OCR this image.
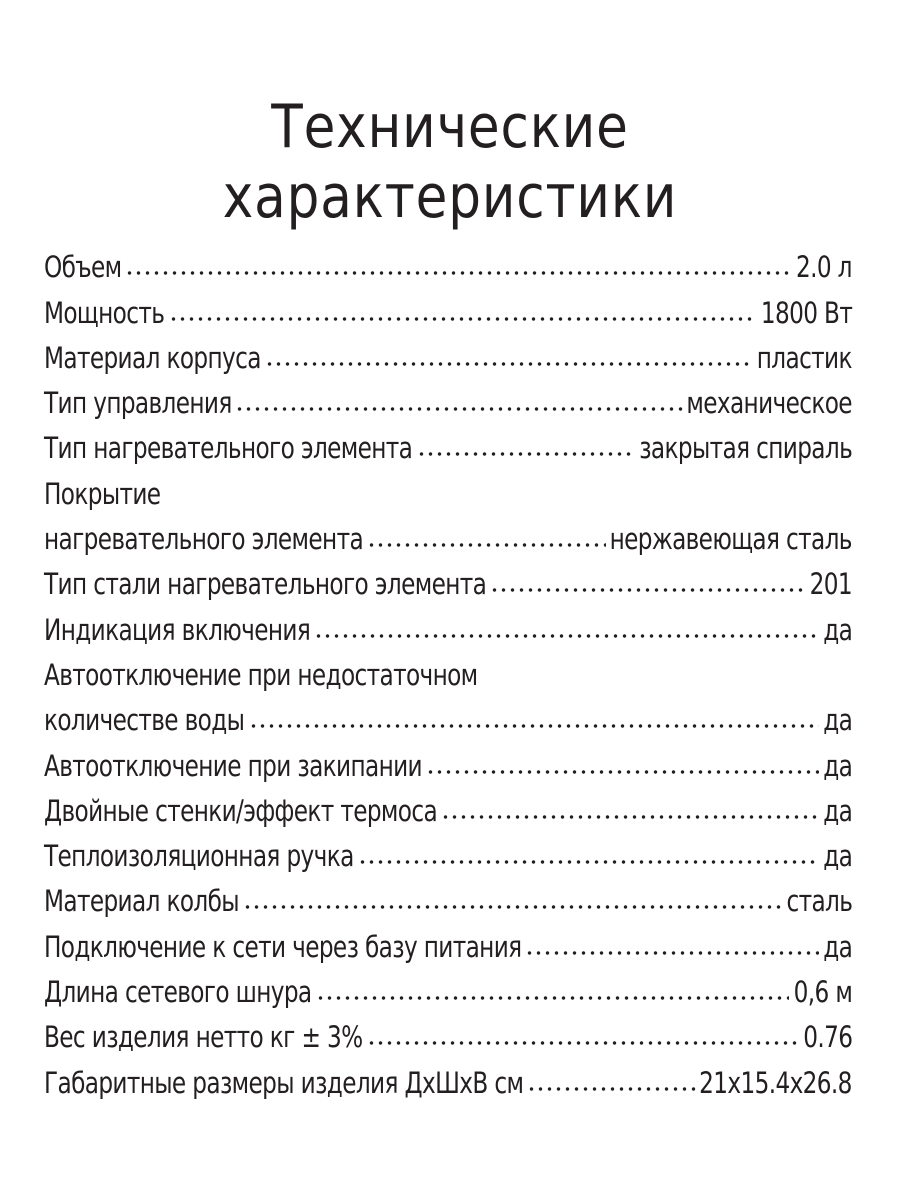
Технические
характеристики
Объем	2.0 л
Мощность	1800 Вт
Материал корпуса	пластик
Тип управления	механическое
Тип нагревательного элемента	закрытая спираль
Покрытие
нагревательного элемента	нержавеющая сталь
Тип стали нагревательного элемента	201
Индикация включения	да
Автоотключение при недостаточном
количестве воды	да
Автоотключение при закипании	да
Двойные стенки/эффект термоса	да
Теплоизоляционная ручка	да
Материал колбы	сталь
Подключение к сети через базу питания	да
Длина сетевого шнура	0,6 м
Вес изделия нетто кг ± 3%	0.76
Габаритные размеры изделия ДхШхВ см	21х15.4х26.8
